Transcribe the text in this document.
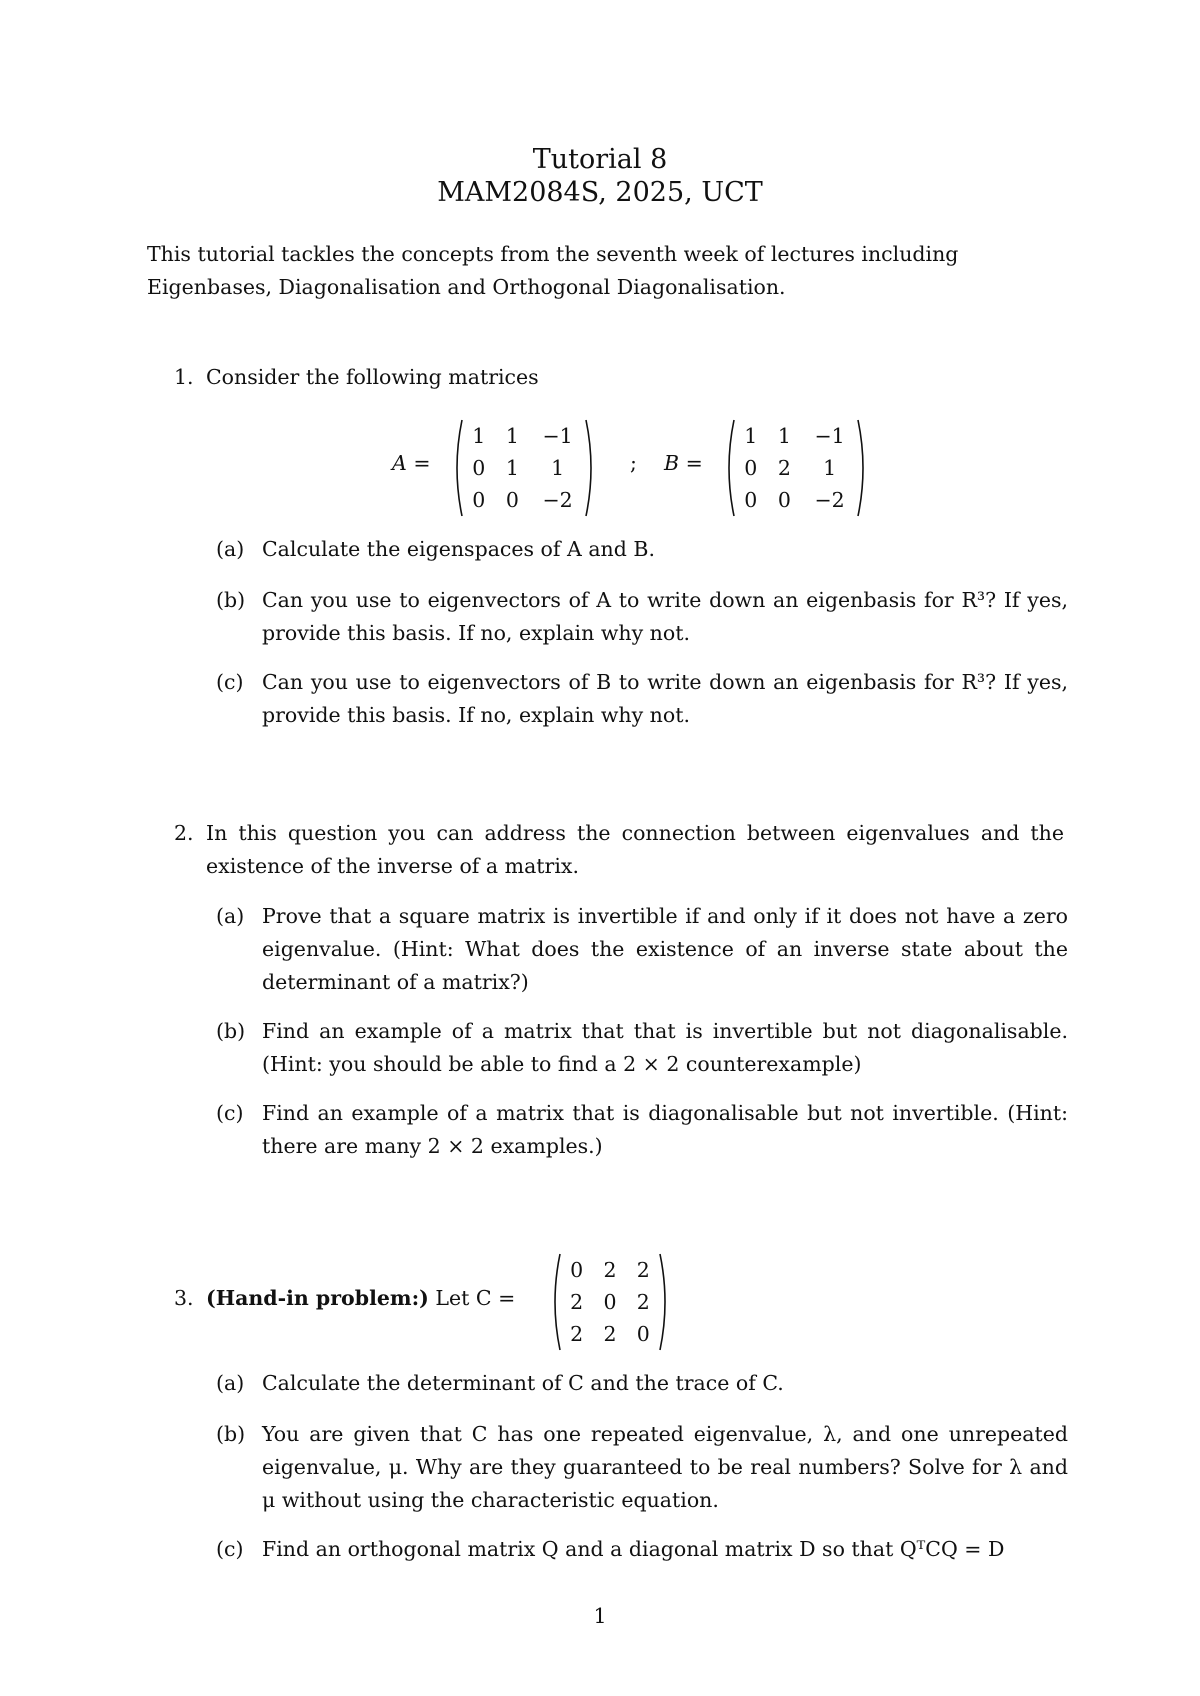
Tutorial 8
MAM2084S, 2025, UCT
This tutorial tackles the concepts from the seventh week of lectures including Eigenbases, Diagonalisation and Orthogonal Diagonalisation.
1. Consider the following matrices
A =
1	1	−1
0	1	1
0	0	−2
; B =
1	1	−1
0	2	1
0	0	−2
(a) Calculate the eigenspaces of A and B.
(b) Can you use to eigenvectors of A to write down an eigenbasis for R³? If yes, provide this basis. If no, explain why not.
(c) Can you use to eigenvectors of B to write down an eigenbasis for R³? If yes, provide this basis. If no, explain why not.
2. In this question you can address the connection between eigenvalues and the existence of the inverse of a matrix.
(a) Prove that a square matrix is invertible if and only if it does not have a zero eigenvalue. (Hint: What does the existence of an inverse state about the determinant of a matrix?)
(b) Find an example of a matrix that that is invertible but not diagonalisable. (Hint: you should be able to find a 2 × 2 counterexample)
(c) Find an example of a matrix that is diagonalisable but not invertible. (Hint: there are many 2 × 2 examples.)
3. (Hand-in problem:) Let C =
0	2	2
2	0	2
2	2	0
(a) Calculate the determinant of C and the trace of C.
(b) You are given that C has one repeated eigenvalue, λ, and one unrepeated eigenvalue, μ. Why are they guaranteed to be real numbers? Solve for λ and μ without using the characteristic equation.
(c) Find an orthogonal matrix Q and a diagonal matrix D so that QᵀCQ = D
1
